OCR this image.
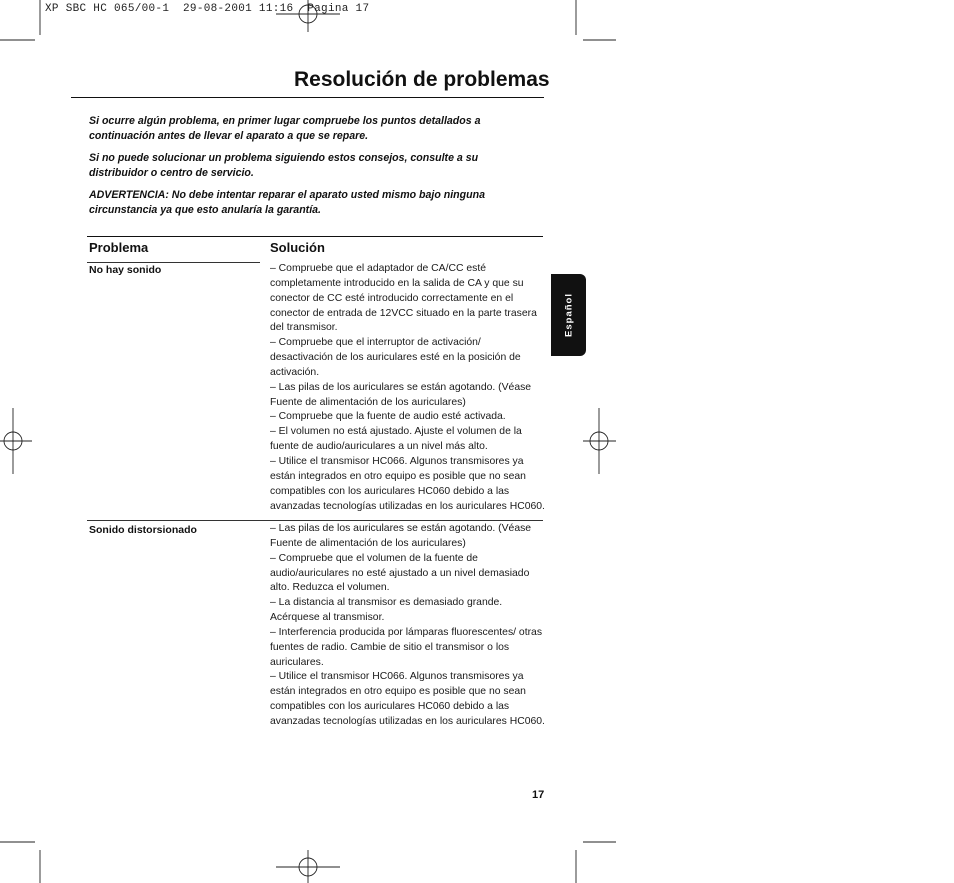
XP SBC HC 065/00-1  29-08-2001 11:16  Pagina 17
Resolución de problemas
Si ocurre algún problema, en primer lugar compruebe los puntos detallados a continuación antes de llevar el aparato a que se repare.
Si no puede solucionar un problema siguiendo estos consejos, consulte a su distribuidor o centro de servicio.
ADVERTENCIA: No debe intentar reparar el aparato usted mismo bajo ninguna circunstancia ya que esto anularía la garantía.
Problema	Solución
No hay sonido	– Compruebe que el adaptador de CA/CC esté completamente introducido en la salida de CA y que su conector de CC esté introducido correctamente en el conector de entrada de 12VCC situado en la parte trasera del transmisor.

– Compruebe que el interruptor de activación/ desactivación de los auriculares esté en la posición de activación.

– Las pilas de los auriculares se están agotando. (Véase Fuente de alimentación de los auriculares)

– Compruebe que la fuente de audio esté activada.

– El volumen no está ajustado. Ajuste el volumen de la fuente de audio/auriculares a un nivel más alto.

– Utilice el transmisor HC066. Algunos transmisores ya están integrados en otro equipo es posible que no sean compatibles con los auriculares HC060 debido a las avanzadas tecnologías utilizadas en los auriculares HC060.

Sonido distorsionado	– Las pilas de los auriculares se están agotando. (Véase Fuente de alimentación de los auriculares)

– Compruebe que el volumen de la fuente de audio/auriculares no esté ajustado a un nivel demasiado alto. Reduzca el volumen.

– La distancia al transmisor es demasiado grande. Acérquese al transmisor.

– Interferencia producida por lámparas fluorescentes/ otras fuentes de radio. Cambie de sitio el transmisor o los auriculares.

– Utilice el transmisor HC066. Algunos transmisores ya están integrados en otro equipo es posible que no sean compatibles con los auriculares HC060 debido a las avanzadas tecnologías utilizadas en los auriculares HC060.

Español
17
